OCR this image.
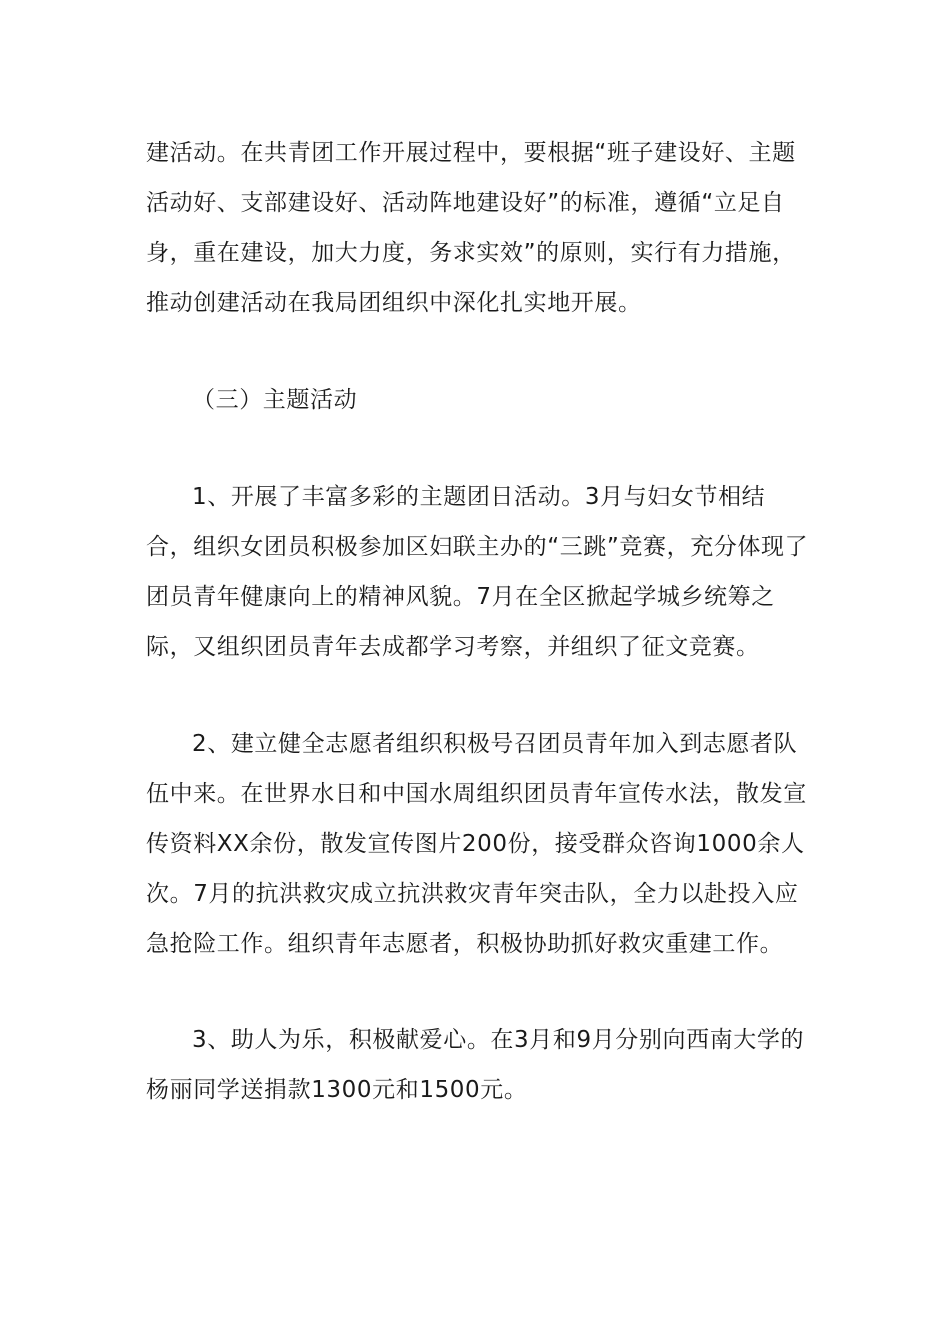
建活动。在共青团工作开展过程中，要根据“班子建设好、主题活动好、支部建设好、活动阵地建设好”的标准，遵循“立足自身，重在建设，加大力度，务求实效”的原则，实行有力措施，推动创建活动在我局团组织中深化扎实地开展。

（三）主题活动

1、开展了丰富多彩的主题团日活动。3月与妇女节相结合，组织女团员积极参加区妇联主办的“三跳”竞赛，充分体现了团员青年健康向上的精神风貌。7月在全区掀起学城乡统筹之际，又组织团员青年去成都学习考察，并组织了征文竞赛。

2、建立健全志愿者组织积极号召团员青年加入到志愿者队伍中来。在世界水日和中国水周组织团员青年宣传水法，散发宣传资料XX余份，散发宣传图片200份，接受群众咨询1000余人次。7月的抗洪救灾成立抗洪救灾青年突击队，全力以赴投入应急抢险工作。组织青年志愿者，积极协助抓好救灾重建工作。

3、助人为乐，积极献爱心。在3月和9月分别向西南大学的杨丽同学送捐款1300元和1500元。
